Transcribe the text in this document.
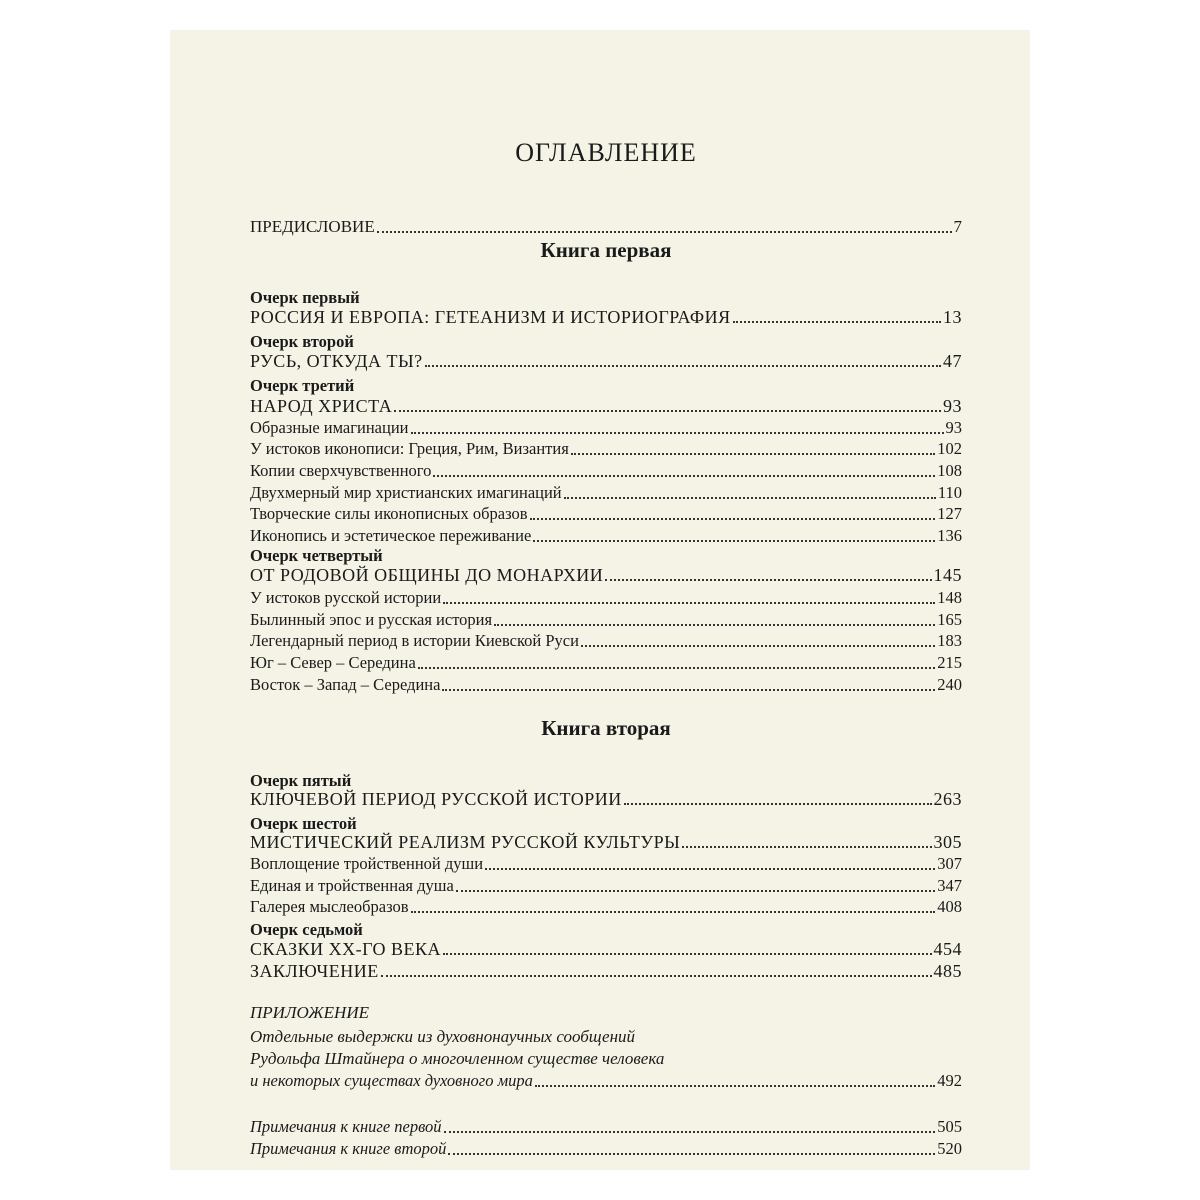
ОГЛАВЛЕНИЕ
ПРЕДИСЛОВИЕ	7
Книга первая
Очерк первый
РОССИЯ И ЕВРОПА: ГЕТЕАНИЗМ И ИСТОРИОГРАФИЯ	13
Очерк второй
РУСЬ, ОТКУДА ТЫ?	47
Очерк третий
НАРОД ХРИСТА	93
Образные имагинации	93
У истоков иконописи: Греция, Рим, Византия	102
Копии сверхчувственного	108
Двухмерный мир христианских имагинаций	110
Творческие силы иконописных образов	127
Иконопись и эстетическое переживание	136
Очерк четвертый
ОТ РОДОВОЙ ОБЩИНЫ ДО МОНАРХИИ	145
У истоков русской истории	148
Былинный эпос и русская история	165
Легендарный период в истории Киевской Руси	183
Юг – Север – Середина	215
Восток – Запад – Середина	240
Книга вторая
Очерк пятый
КЛЮЧЕВОЙ ПЕРИОД РУССКОЙ ИСТОРИИ	263
Очерк шестой
МИСТИЧЕСКИЙ РЕАЛИЗМ РУССКОЙ КУЛЬТУРЫ	305
Воплощение тройственной души	307
Единая и тройственная душа	347
Галерея мыслеобразов	408
Очерк седьмой
СКАЗКИ ХХ-ГО ВЕКА	454
ЗАКЛЮЧЕНИЕ	485
ПРИЛОЖЕНИЕ
Отдельные выдержки из духовнонаучных сообщений
Рудольфа Штайнера о многочленном существе человека
и некоторых существах духовного мира	492
Примечания к книге первой	505
Примечания к книге второй	520
